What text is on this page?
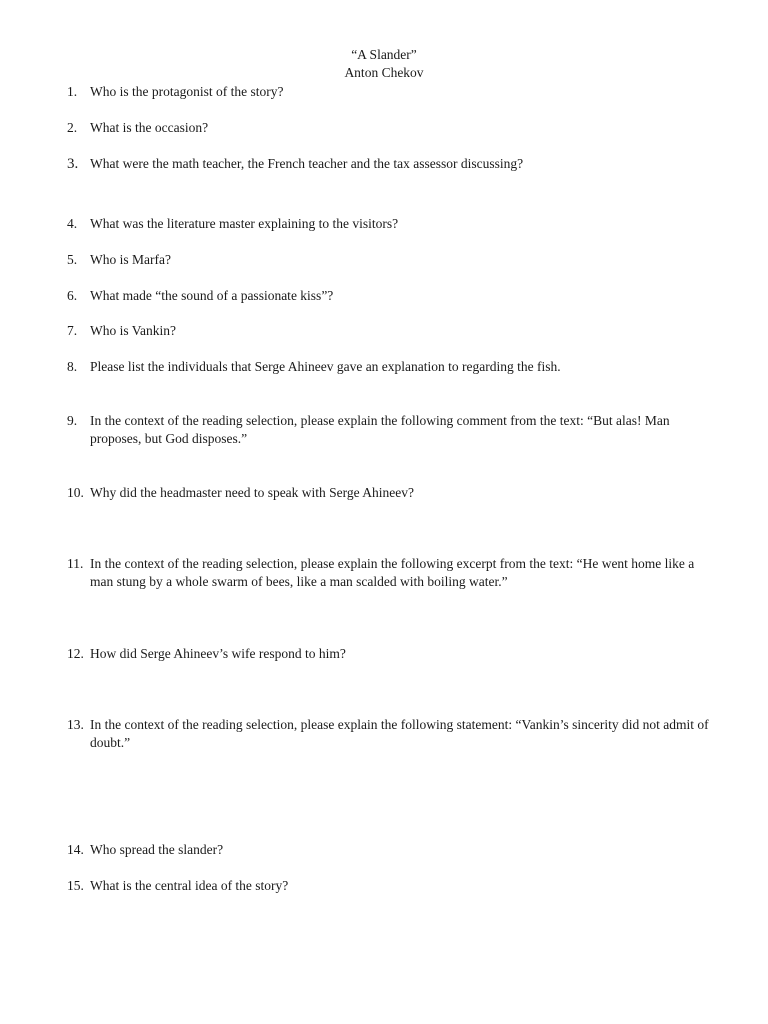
“A Slander”
Anton Chekov
1. Who is the protagonist of the story?
2. What is the occasion?
3. What were the math teacher, the French teacher and the tax assessor discussing?
4. What was the literature master explaining to the visitors?
5. Who is Marfa?
6. What made “the sound of a passionate kiss”?
7. Who is Vankin?
8. Please list the individuals that Serge Ahineev gave an explanation to regarding the fish.
9. In the context of the reading selection, please explain the following comment from the text: “But alas! Man proposes, but God disposes.”
10. Why did the headmaster need to speak with Serge Ahineev?
11. In the context of the reading selection, please explain the following excerpt from the text: “He went home like a man stung by a whole swarm of bees, like a man scalded with boiling water.”
12. How did Serge Ahineev’s wife respond to him?
13. In the context of the reading selection, please explain the following statement: “Vankin’s sincerity did not admit of doubt.”
14. Who spread the slander?
15. What is the central idea of the story?
